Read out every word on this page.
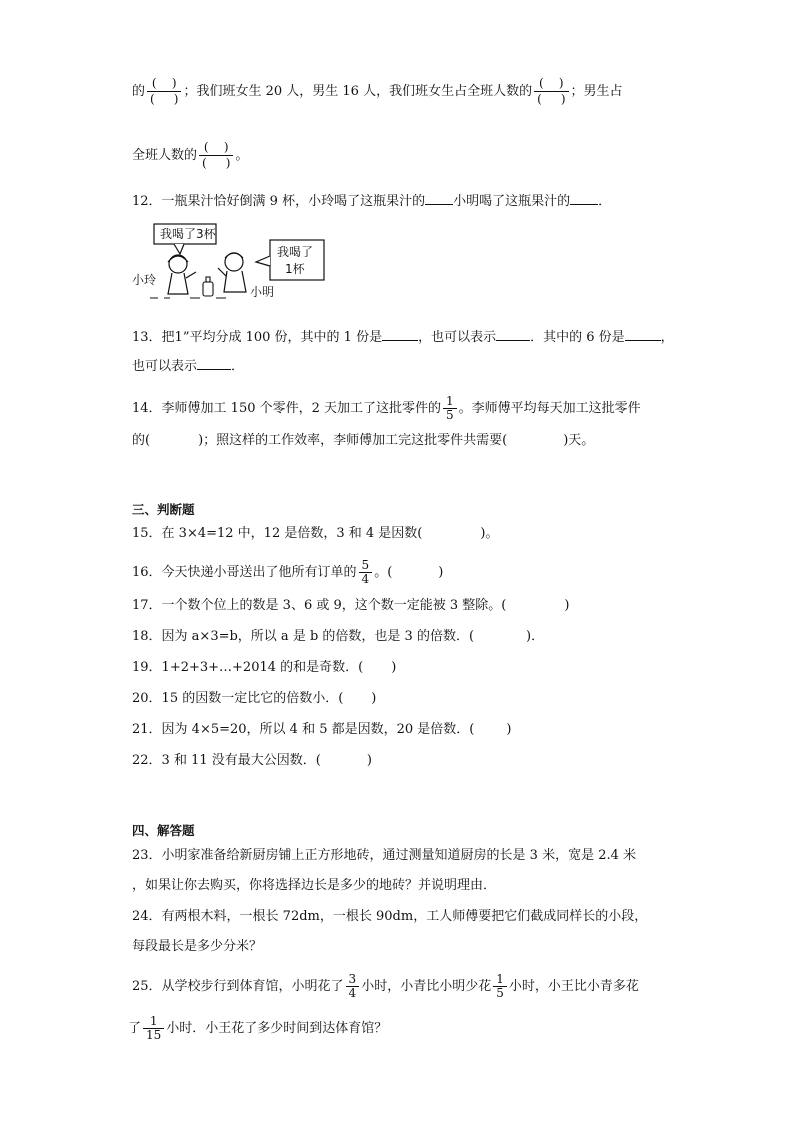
的 $\frac{( )}{( )}$ ；我们班女生 20 人，男生 16 人，我们班女生占全班人数的 $\frac{( )}{( )}$ ；男生占
全班人数的 $\frac{( )}{( )}$ 。
12．一瓶果汁恰好倒满 9 杯，小玲喝了这瓶果汁的 小明喝了这瓶果汁的 ．
我喝了3杯
我喝了
1杯
小玲
小明
13．把1”平均分成 100 份，其中的 1 份是	，也可以表示	．其中的 6 份是	，
也可以表示	．
14．李师傅加工 150 个零件，2 天加工了这批零件的 $\frac{1}{5}$ 。李师傅平均每天加工这批零件
的(	)；照这样的工作效率，李师傅加工完这批零件共需要(	)天。
三、判断题
15．在 3×4=12 中，12 是倍数，3 和 4 是因数(	)。
16．今天快递小哥送出了他所有订单的 $\frac{5}{4}$ 。(	)
17．一个数个位上的数是 3、6 或 9，这个数一定能被 3 整除。(	)
18．因为 a×3=b，所以 a 是 b 的倍数，也是 3 的倍数．(	)．
19．1+2+3+…+2014 的和是奇数．( )
20．15 的因数一定比它的倍数小．( )
21．因为 4×5=20，所以 4 和 5 都是因数，20 是倍数．( )
22．3 和 11 没有最大公因数．(	)
四、解答题
23．小明家准备给新厨房铺上正方形地砖，通过测量知道厨房的长是 3 米，宽是 2.4 米
，如果让你去购买，你将选择边长是多少的地砖？并说明理由．
24．有两根木料，一根长 72dm，一根长 90dm，工人师傅要把它们截成同样长的小段，
每段最长是多少分米？
25．从学校步行到体育馆，小明花了 $\frac{3}{4}$ 小时，小青比小明少花 $\frac{1}{5}$ 小时，小王比小青多花
了 $\frac{1}{15}$ 小时．小王花了多少时间到达体育馆？
